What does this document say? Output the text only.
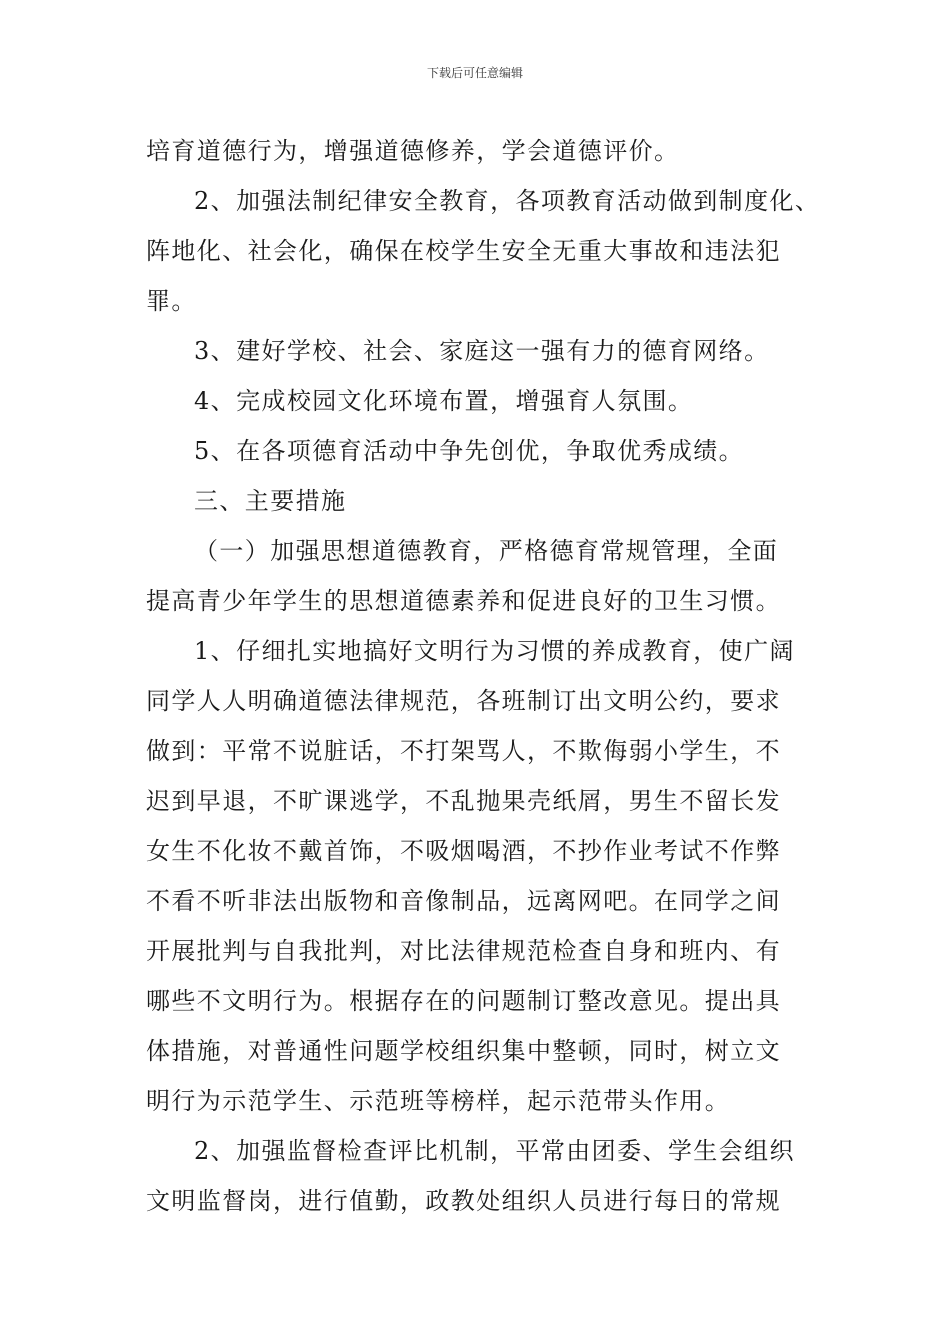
下载后可任意编辑
培育道德行为，增强道德修养，学会道德评价。
2、加强法制纪律安全教育，各项教育活动做到制度化、
阵地化、社会化，确保在校学生安全无重大事故和违法犯
罪。
3、建好学校、社会、家庭这一强有力的德育网络。
4、完成校园文化环境布置，增强育人氛围。
5、在各项德育活动中争先创优，争取优秀成绩。
三、主要措施
（一）加强思想道德教育，严格德育常规管理，全面
提高青少年学生的思想道德素养和促进良好的卫生习惯。
1、仔细扎实地搞好文明行为习惯的养成教育，使广阔
同学人人明确道德法律规范，各班制订出文明公约，要求
做到：平常不说脏话，不打架骂人，不欺侮弱小学生，不
迟到早退，不旷课逃学，不乱抛果壳纸屑，男生不留长发
女生不化妆不戴首饰，不吸烟喝酒，不抄作业考试不作弊
不看不听非法出版物和音像制品，远离网吧。在同学之间
开展批判与自我批判，对比法律规范检查自身和班内、有
哪些不文明行为。根据存在的问题制订整改意见。提出具
体措施，对普通性问题学校组织集中整顿，同时，树立文
明行为示范学生、示范班等榜样，起示范带头作用。
2、加强监督检查评比机制，平常由团委、学生会组织
文明监督岗，进行值勤，政教处组织人员进行每日的常规
